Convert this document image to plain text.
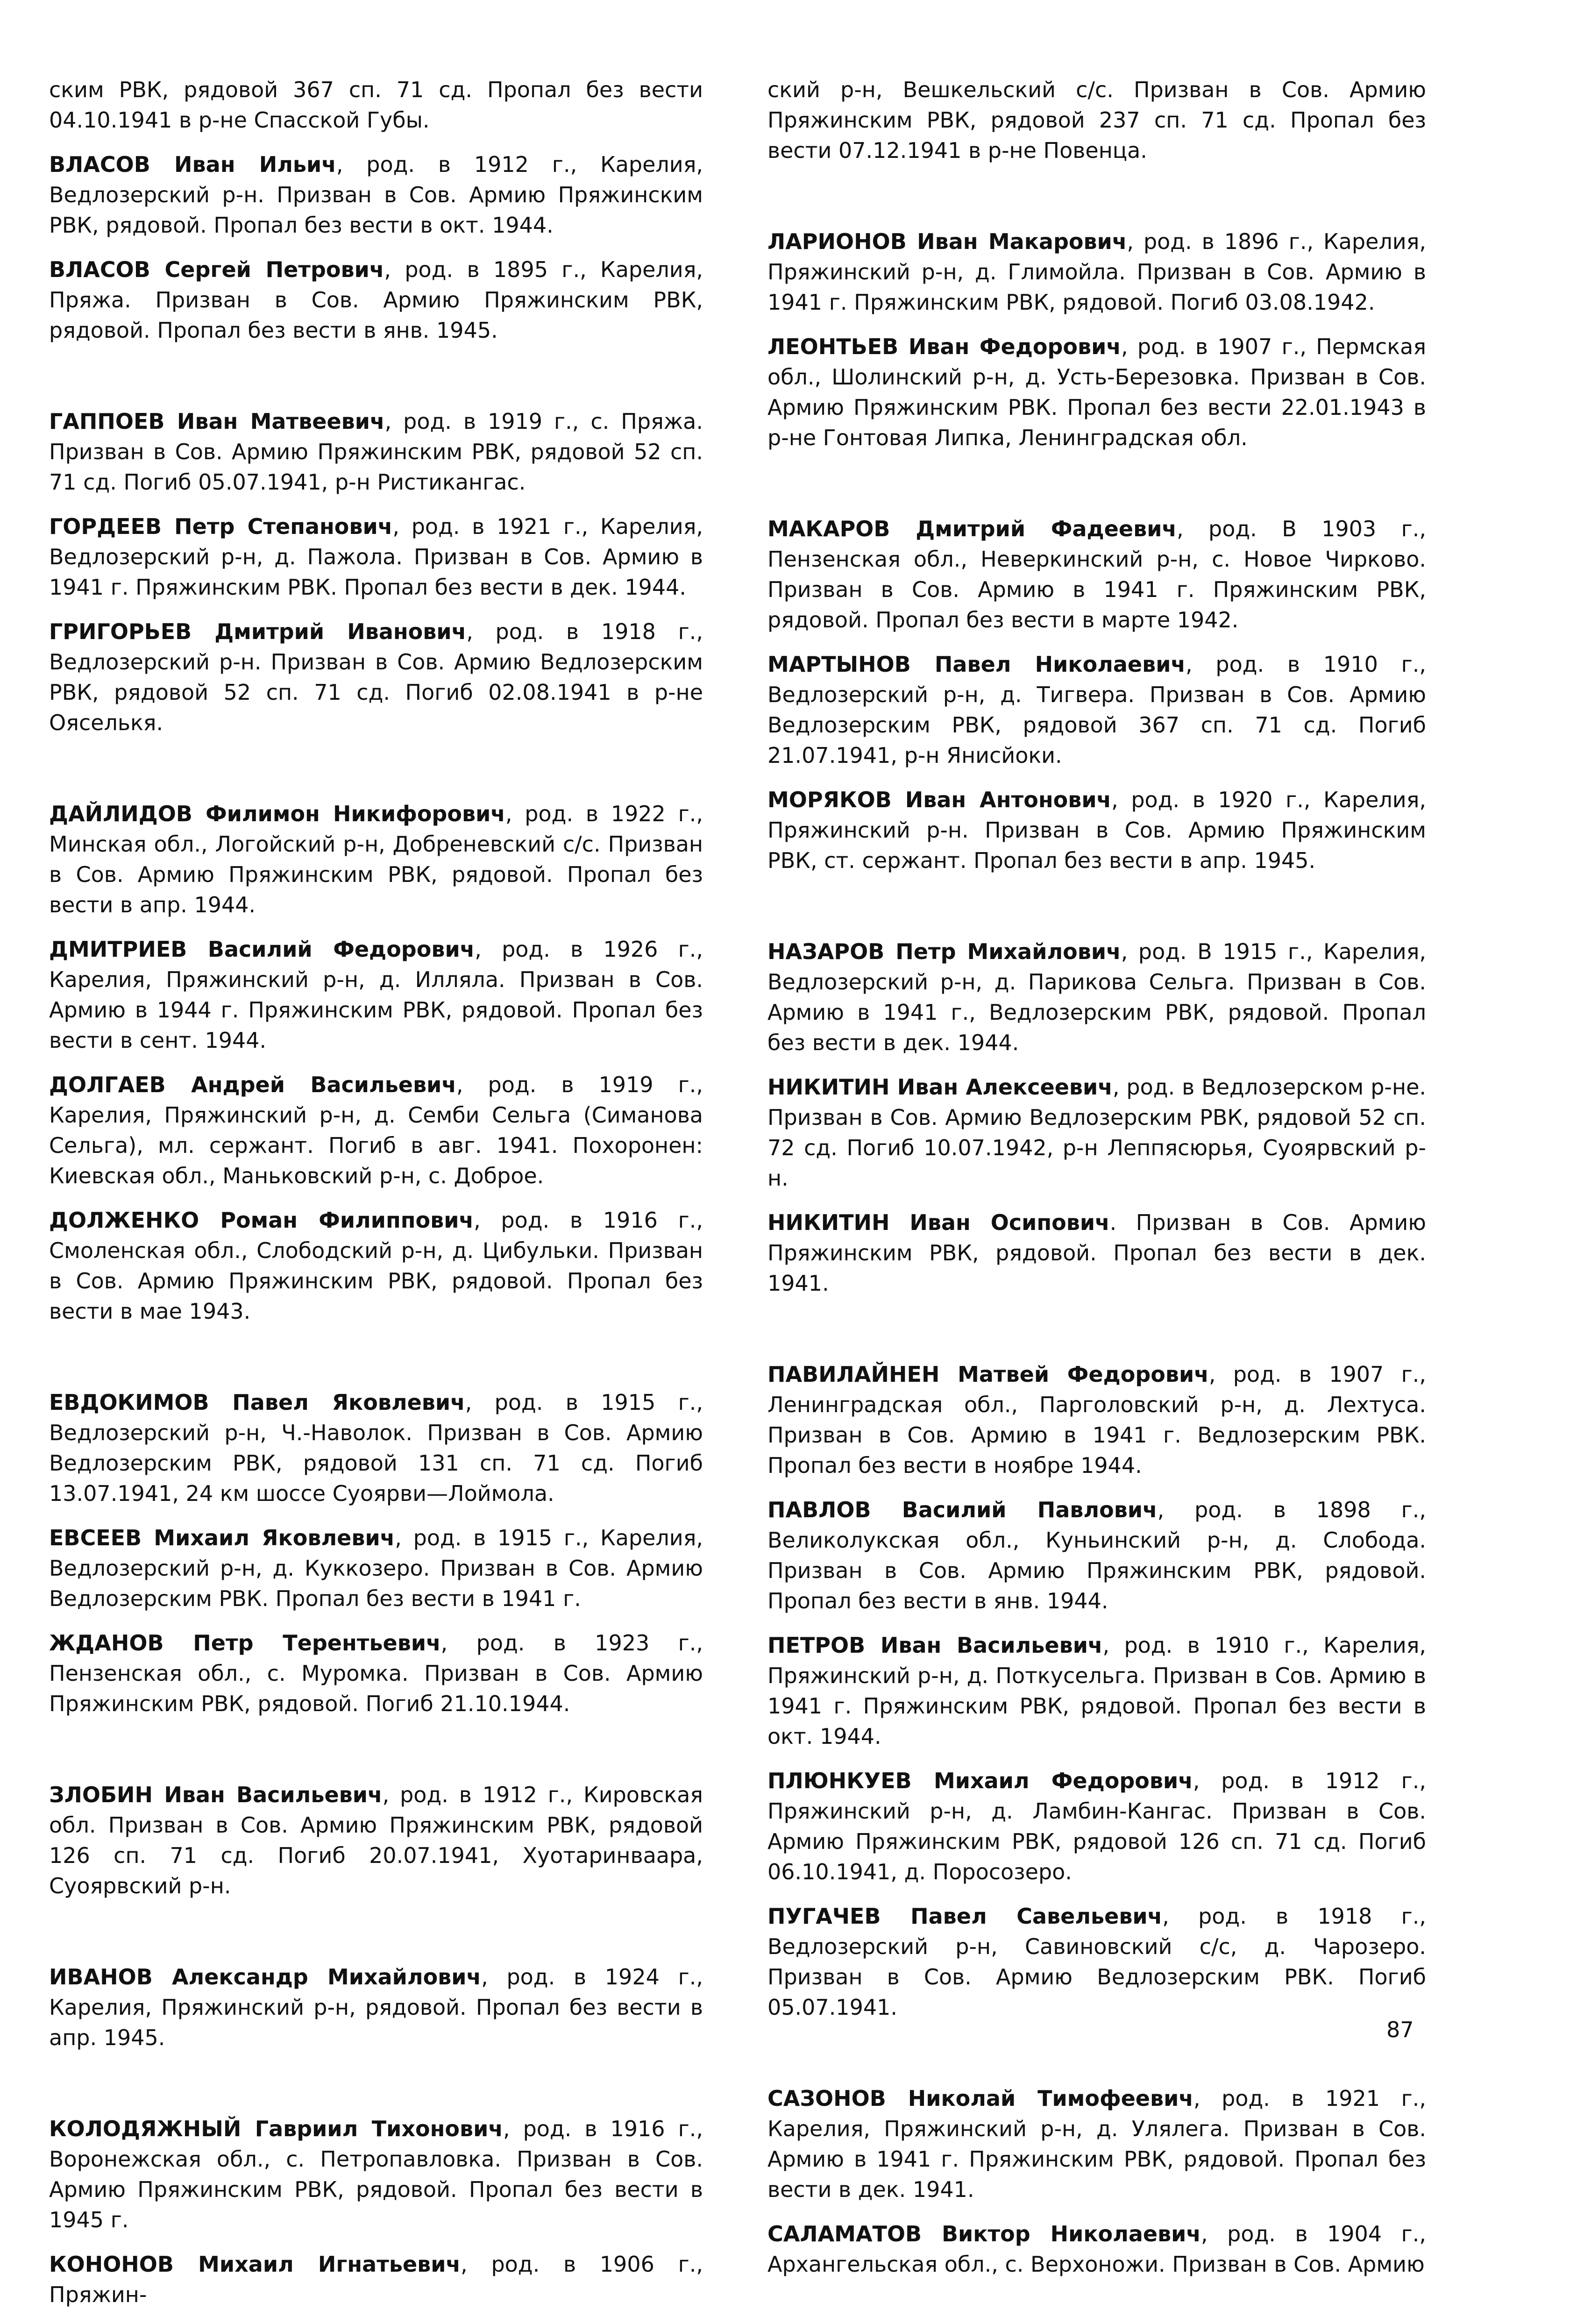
ским РВК, рядовой 367 сп. 71 сд. Пропал без вести 04.10.1941 в р-не Спасской Губы.

ВЛАСОВ Иван Ильич, род. в 1912 г., Карелия, Ведлозерский р-н. Призван в Сов. Армию Пряжинским РВК, рядовой. Пропал без вести в окт. 1944.

ВЛАСОВ Сергей Петрович, род. в 1895 г., Карелия, Пряжа. Призван в Сов. Армию Пряжинским РВК, рядовой. Пропал без вести в янв. 1945.

ГАППОЕВ Иван Матвеевич, род. в 1919 г., с. Пряжа. Призван в Сов. Армию Пряжинским РВК, рядовой 52 сп. 71 сд. Погиб 05.07.1941, р-н Ристикангас.

ГОРДЕЕВ Петр Степанович, род. в 1921 г., Карелия, Ведлозерский р-н, д. Пажола. Призван в Сов. Армию в 1941 г. Пряжинским РВК. Пропал без вести в дек. 1944.

ГРИГОРЬЕВ Дмитрий Иванович, род. в 1918 г., Ведлозерский р-н. Призван в Сов. Армию Ведлозерским РВК, рядовой 52 сп. 71 сд. Погиб 02.08.1941 в р-не Ояселькя.

ДАЙЛИДОВ Филимон Никифорович, род. в 1922 г., Минская обл., Логойский р-н, Добреневский с/с. Призван в Сов. Армию Пряжинским РВК, рядовой. Пропал без вести в апр. 1944.

ДМИТРИЕВ Василий Федорович, род. в 1926 г., Карелия, Пряжинский р-н, д. Илляла. Призван в Сов. Армию в 1944 г. Пряжинским РВК, рядовой. Пропал без вести в сент. 1944.

ДОЛГАЕВ Андрей Васильевич, род. в 1919 г., Карелия, Пряжинский р-н, д. Семби Сельга (Симанова Сельга), мл. сержант. Погиб в авг. 1941. Похоронен: Киевская обл., Маньковский р-н, с. Доброе.

ДОЛЖЕНКО Роман Филиппович, род. в 1916 г., Смоленская обл., Слободский р-н, д. Цибульки. Призван в Сов. Армию Пряжинским РВК, рядовой. Пропал без вести в мае 1943.

ЕВДОКИМОВ Павел Яковлевич, род. в 1915 г., Ведлозерский р-н, Ч.-Наволок. Призван в Сов. Армию Ведлозерским РВК, рядовой 131 сп. 71 сд. Погиб 13.07.1941, 24 км шоссе Суоярви—Лоймола.

ЕВСЕЕВ Михаил Яковлевич, род. в 1915 г., Карелия, Ведлозерский р-н, д. Куккозеро. Призван в Сов. Армию Ведлозерским РВК. Пропал без вести в 1941 г.

ЖДАНОВ Петр Терентьевич, род. в 1923 г., Пензенская обл., с. Муромка. Призван в Сов. Армию Пряжинским РВК, рядовой. Погиб 21.10.1944.

ЗЛОБИН Иван Васильевич, род. в 1912 г., Кировская обл. Призван в Сов. Армию Пряжинским РВК, рядовой 126 сп. 71 сд. Погиб 20.07.1941, Хуотаринваара, Суоярвский р-н.

ИВАНОВ Александр Михайлович, род. в 1924 г., Карелия, Пряжинский р-н, рядовой. Пропал без вести в апр. 1945.

КОЛОДЯЖНЫЙ Гавриил Тихонович, род. в 1916 г., Воронежская обл., с. Петропавловка. Призван в Сов. Армию Пряжинским РВК, рядовой. Пропал без вести в 1945 г.

КОНОНОВ Михаил Игнатьевич, род. в 1906 г., Пряжин-

ский р-н, Вешкельский с/с. Призван в Сов. Армию Пряжинским РВК, рядовой 237 сп. 71 сд. Пропал без вести 07.12.1941 в р-не Повенца.

ЛАРИОНОВ Иван Макарович, род. в 1896 г., Карелия, Пряжинский р-н, д. Глимойла. Призван в Сов. Армию в 1941 г. Пряжинским РВК, рядовой. Погиб 03.08.1942.

ЛЕОНТЬЕВ Иван Федорович, род. в 1907 г., Пермская обл., Шолинский р-н, д. Усть-Березовка. Призван в Сов. Армию Пряжинским РВК. Пропал без вести 22.01.1943 в р-не Гонтовая Липка, Ленинградская обл.

МАКАРОВ Дмитрий Фадеевич, род. В 1903 г., Пензенская обл., Неверкинский р-н, с. Новое Чирково. Призван в Сов. Армию в 1941 г. Пряжинским РВК, рядовой. Пропал без вести в марте 1942.

МАРТЫНОВ Павел Николаевич, род. в 1910 г., Ведлозерский р-н, д. Тигвера. Призван в Сов. Армию Ведлозерским РВК, рядовой 367 сп. 71 сд. Погиб 21.07.1941, р-н Янисйоки.

МОРЯКОВ Иван Антонович, род. в 1920 г., Карелия, Пряжинский р-н. Призван в Сов. Армию Пряжинским РВК, ст. сержант. Пропал без вести в апр. 1945.

НАЗАРОВ Петр Михайлович, род. В 1915 г., Карелия, Ведлозерский р-н, д. Парикова Сельга. Призван в Сов. Армию в 1941 г., Ведлозерским РВК, рядовой. Пропал без вести в дек. 1944.

НИКИТИН Иван Алексеевич, род. в Ведлозерском р-не. Призван в Сов. Армию Ведлозерским РВК, рядовой 52 сп. 72 сд. Погиб 10.07.1942, р-н Леппясюрья, Суоярвский р-н.

НИКИТИН Иван Осипович. Призван в Сов. Армию Пряжинским РВК, рядовой. Пропал без вести в дек. 1941.

ПАВИЛАЙНЕН Матвей Федорович, род. в 1907 г., Ленинградская обл., Парголовский р-н, д. Лехтуса. Призван в Сов. Армию в 1941 г. Ведлозерским РВК. Пропал без вести в ноябре 1944.

ПАВЛОВ Василий Павлович, род. в 1898 г., Великолукская обл., Куньинский р-н, д. Слобода. Призван в Сов. Армию Пряжинским РВК, рядовой. Пропал без вести в янв. 1944.

ПЕТРОВ Иван Васильевич, род. в 1910 г., Карелия, Пряжинский р-н, д. Поткусельга. Призван в Сов. Армию в 1941 г. Пряжинским РВК, рядовой. Пропал без вести в окт. 1944.

ПЛЮНКУЕВ Михаил Федорович, род. в 1912 г., Пряжинский р-н, д. Ламбин-Кангас. Призван в Сов. Армию Пряжинским РВК, рядовой 126 сп. 71 сд. Погиб 06.10.1941, д. Поросозеро.

ПУГАЧЕВ Павел Савельевич, род. в 1918 г., Ведлозерский р-н, Савиновский с/с, д. Чарозеро. Призван в Сов. Армию Ведлозерским РВК. Погиб 05.07.1941.

САЗОНОВ Николай Тимофеевич, род. в 1921 г., Карелия, Пряжинский р-н, д. Улялега. Призван в Сов. Армию в 1941 г. Пряжинским РВК, рядовой. Пропал без вести в дек. 1941.

САЛАМАТОВ Виктор Николаевич, род. в 1904 г., Архангельская обл., с. Верхоножи. Призван в Сов. Армию

87
